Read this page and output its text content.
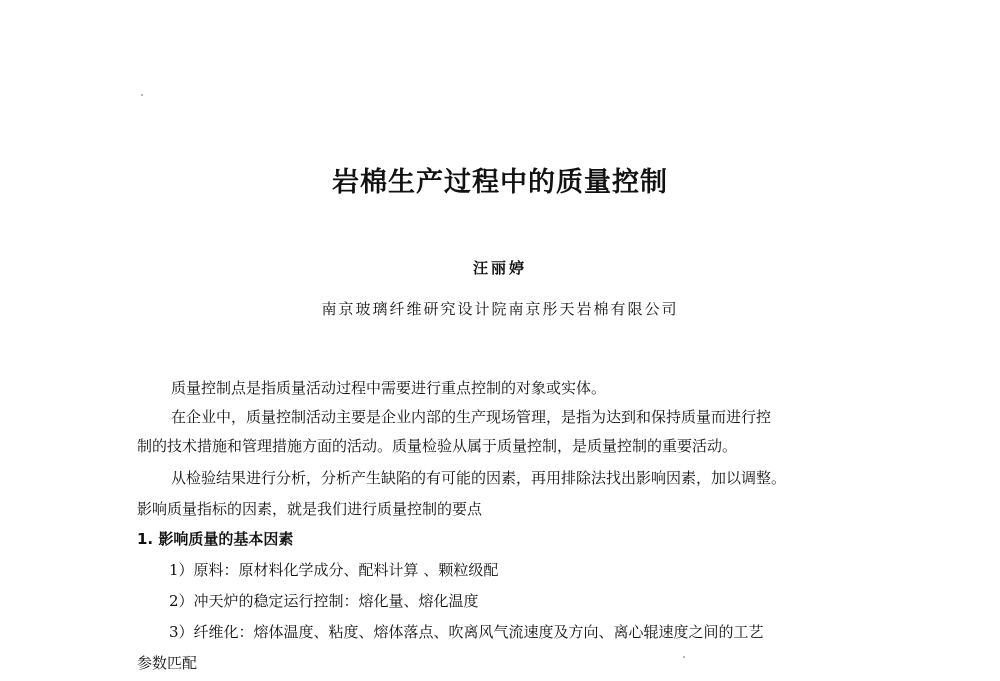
岩棉生产过程中的质量控制
汪丽婷
南京玻璃纤维研究设计院南京彤天岩棉有限公司
质量控制点是指质量活动过程中需要进行重点控制的对象或实体。
在企业中，质量控制活动主要是企业内部的生产现场管理，是指为达到和保持质量而进行控
制的技术措施和管理措施方面的活动。质量检验从属于质量控制，是质量控制的重要活动。
从检验结果进行分析，分析产生缺陷的有可能的因素，再用排除法找出影响因素，加以调整。
影响质量指标的因素，就是我们进行质量控制的要点
1. 影响质量的基本因素
1）原料：原材料化学成分、配料计算 、颗粒级配
2）冲天炉的稳定运行控制：熔化量、熔化温度
3）纤维化：熔体温度、粘度、熔体落点、吹离风气流速度及方向、离心辊速度之间的工艺
参数匹配
